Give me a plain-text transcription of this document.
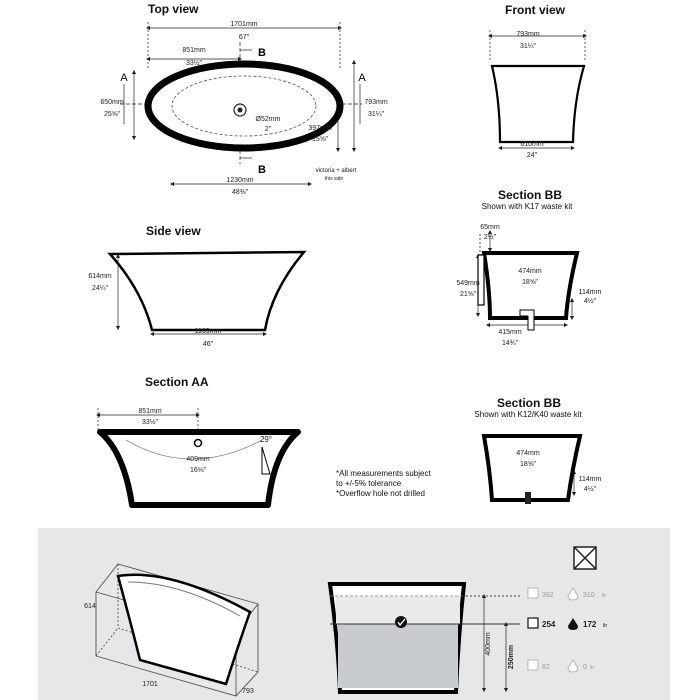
Top view	Front view
Side view
Section AA
Section BB
Shown with K17 waste kit
Section BB
Shown with K12/K40 waste kit
*All measurements subject
to +/-5% tolerance
*Overflow hole not drilled
1701mm
67"
851mm
33½"
650mm
25⅝"
793mm
31¼"
Ø52mm
2"	397mm
15⅝"
1230mm
48⅜"
victoria + albert
this side
B
B
A	A
793mm
31¼"
610mm
24"
614mm
24¼"
1169mm
46"
851mm
33½"
409mm
16⅛"
29°
65mm
2½"
474mm
18⅝"
549mm
21⅝"	114mm
4½"
415mm
14¾"
474mm
18⅝"
114mm
4½"
614
1701
793
400mm
250mm
392	310 ltr
254	172 ltr
82	0 ltr
